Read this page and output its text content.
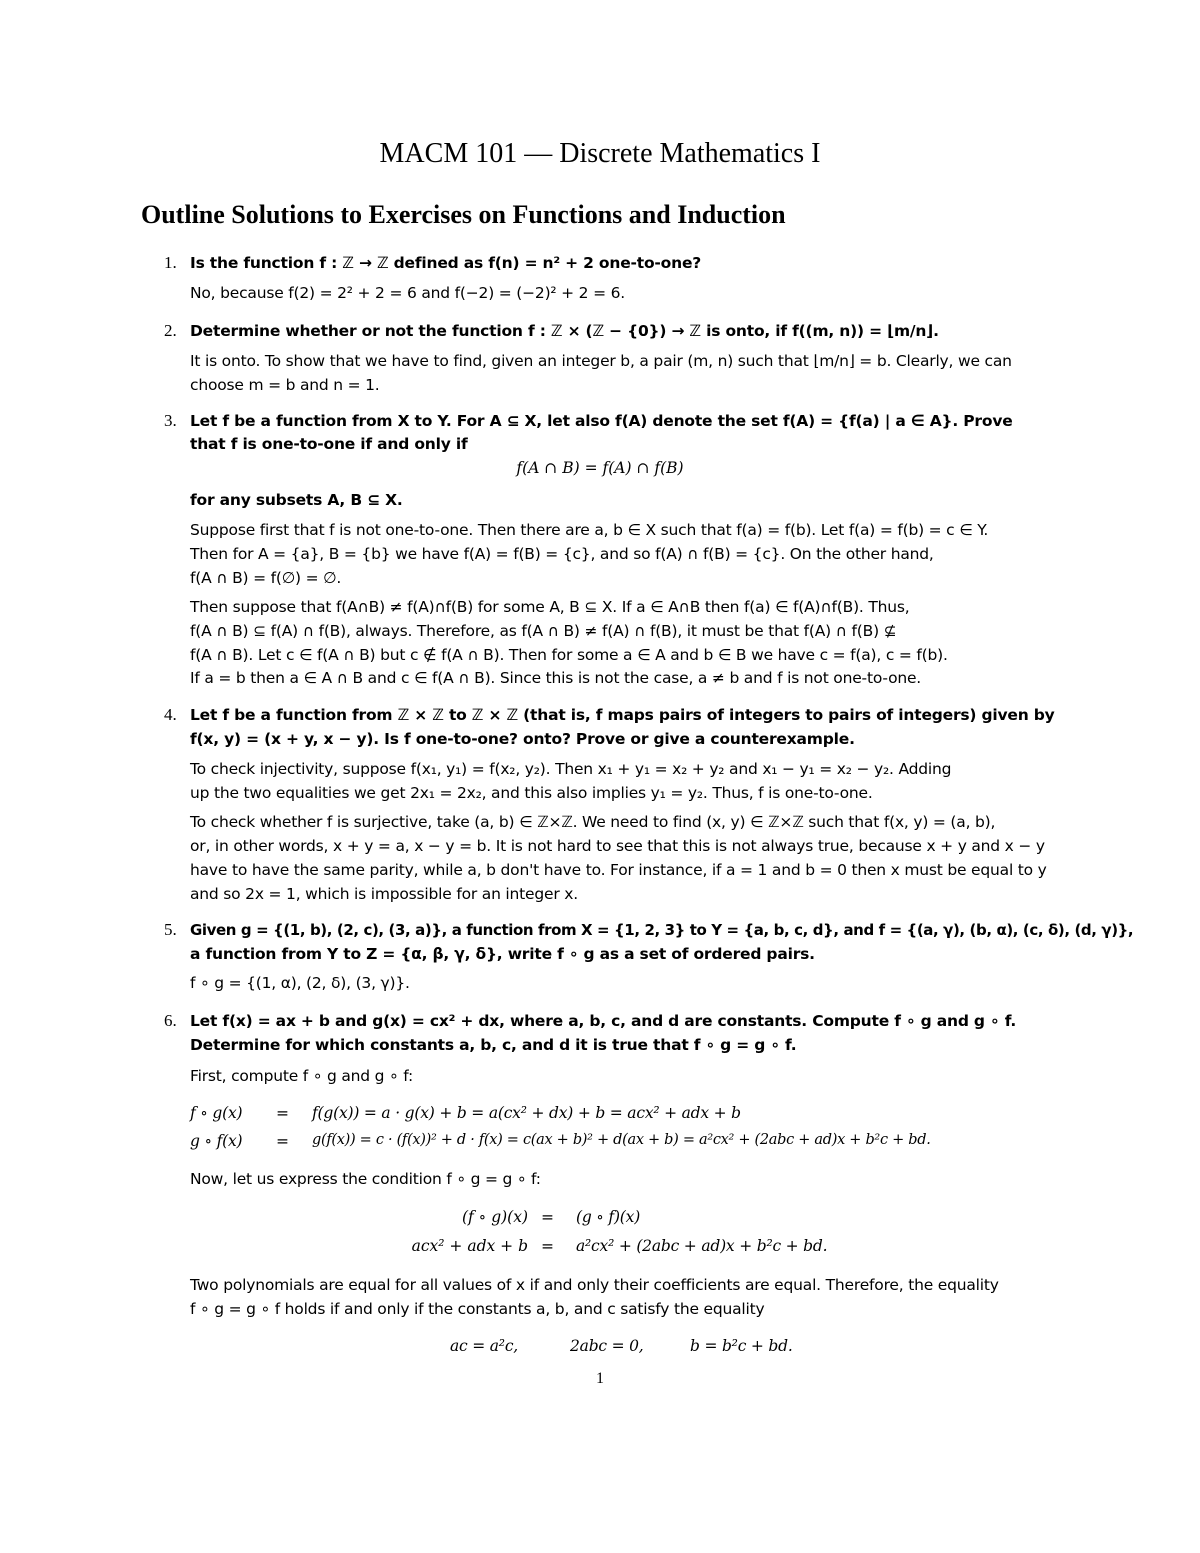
MACM 101 — Discrete Mathematics I
Outline Solutions to Exercises on Functions and Induction
1. Is the function f : ℤ → ℤ defined as f(n) = n² + 2 one-to-one?
No, because f(2) = 2² + 2 = 6 and f(−2) = (−2)² + 2 = 6.
2. Determine whether or not the function f : ℤ × (ℤ − {0}) → ℤ is onto, if f((m, n)) = ⌊m/n⌋.
It is onto. To show that we have to find, given an integer b, a pair (m, n) such that ⌊m/n⌋ = b. Clearly, we can
choose m = b and n = 1.
3. Let f be a function from X to Y. For A ⊆ X, let also f(A) denote the set f(A) = {f(a) | a ∈ A}. Prove
that f is one-to-one if and only if
f(A ∩ B) = f(A) ∩ f(B)
for any subsets A, B ⊆ X.
Suppose first that f is not one-to-one. Then there are a, b ∈ X such that f(a) = f(b). Let f(a) = f(b) = c ∈ Y.
Then for A = {a}, B = {b} we have f(A) = f(B) = {c}, and so f(A) ∩ f(B) = {c}. On the other hand,
f(A ∩ B) = f(∅) = ∅.
Then suppose that f(A∩B) ≠ f(A)∩f(B) for some A, B ⊆ X. If a ∈ A∩B then f(a) ∈ f(A)∩f(B). Thus,
f(A ∩ B) ⊆ f(A) ∩ f(B), always. Therefore, as f(A ∩ B) ≠ f(A) ∩ f(B), it must be that f(A) ∩ f(B) ⊈
f(A ∩ B). Let c ∈ f(A ∩ B) but c ∉ f(A ∩ B). Then for some a ∈ A and b ∈ B we have c = f(a), c = f(b).
If a = b then a ∈ A ∩ B and c ∈ f(A ∩ B). Since this is not the case, a ≠ b and f is not one-to-one.
4. Let f be a function from ℤ × ℤ to ℤ × ℤ (that is, f maps pairs of integers to pairs of integers) given by
f(x, y) = (x + y, x − y). Is f one-to-one? onto? Prove or give a counterexample.
To check injectivity, suppose f(x₁, y₁) = f(x₂, y₂). Then x₁ + y₁ = x₂ + y₂ and x₁ − y₁ = x₂ − y₂. Adding
up the two equalities we get 2x₁ = 2x₂, and this also implies y₁ = y₂. Thus, f is one-to-one.
To check whether f is surjective, take (a, b) ∈ ℤ×ℤ. We need to find (x, y) ∈ ℤ×ℤ such that f(x, y) = (a, b),
or, in other words, x + y = a, x − y = b. It is not hard to see that this is not always true, because x + y and x − y
have to have the same parity, while a, b don't have to. For instance, if a = 1 and b = 0 then x must be equal to y
and so 2x = 1, which is impossible for an integer x.
5. Given g = {(1, b), (2, c), (3, a)}, a function from X = {1, 2, 3} to Y = {a, b, c, d}, and f = {(a, γ), (b, α), (c, δ), (d, γ)},
a function from Y to Z = {α, β, γ, δ}, write f ∘ g as a set of ordered pairs.
f ∘ g = {(1, α), (2, δ), (3, γ)}.
6. Let f(x) = ax + b and g(x) = cx² + dx, where a, b, c, and d are constants. Compute f ∘ g and g ∘ f.
Determine for which constants a, b, c, and d it is true that f ∘ g = g ∘ f.
First, compute f ∘ g and g ∘ f:
f ∘ g(x) = f(g(x)) = a · g(x) + b = a(cx² + dx) + b = acx² + adx + b
g ∘ f(x) = g(f(x)) = c · (f(x))² + d · f(x) = c(ax + b)² + d(ax + b) = a²cx² + (2abc + ad)x + b²c + bd.
Now, let us express the condition f ∘ g = g ∘ f:
(f ∘ g)(x) = (g ∘ f)(x)
acx² + adx + b = a²cx² + (2abc + ad)x + b²c + bd.
Two polynomials are equal for all values of x if and only their coefficients are equal. Therefore, the equality
f ∘ g = g ∘ f holds if and only if the constants a, b, and c satisfy the equality
ac = a²c,	2abc = 0,	b = b²c + bd.
1
